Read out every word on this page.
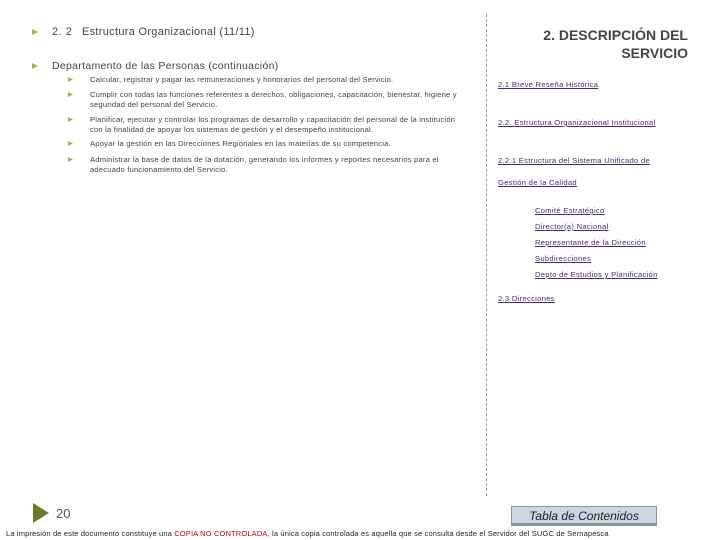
2. 2 Estructura Organizacional (11/11)
Departamento de las Personas (continuación)
Calcular, registrar y pagar las remuneraciones y honorarios del personal del Servicio.
Cumplir con todas las funciones referentes a derechos, obligaciones, capacitación, bienestar, higiene y seguridad del personal del Servicio.
Planificar, ejecutar y controlar los programas de desarrollo y capacitación del personal de la institución con la finalidad de apoyar los sistemas de gestión y el desempeño institucional.
Apoyar la gestión en las Direcciones Regionales en las materias de su competencia.
Administrar la base de datos de la dotación, generando los informes y reportes necesarios para el adecuado funcionamiento del Servicio.
2. DESCRIPCIÓN DEL
SERVICIO
2.1 Breve Reseña Histórica
2.2. Estructura Organizacional Institucional
2.2.1 Estructura del Sistema Unificado de
Gestión de la Calidad
Comité Estratégico
Director(a) Nacional
Representante de la Dirección
Subdirecciones
Depto de Estudios y Planificación
2.3 Direcciones
20	Tabla de Contenidos
La impresión de este documento constituye una COPIA NO CONTROLADA, la única copia controlada es aquella que se consulta desde el Servidor del SUGC de Sernapesca
